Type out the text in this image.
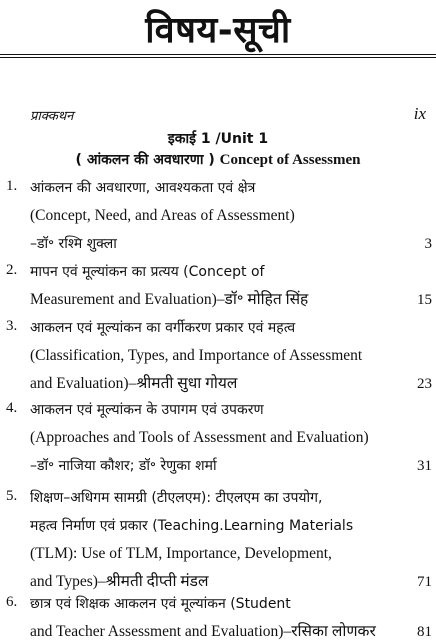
विषय-सूची
प्राक्कथन	ix
इकाई 1 /Unit 1
( आंकलन की अवधारणा ) Concept of Assessmen
1. आंकलन की अवधारणा, आवश्यकता एवं क्षेत्र
(Concept, Need, and Areas of Assessment)
–डॉ॰ रश्मि शुक्ला	3
2. मापन एवं मूल्यांकन का प्रत्यय (Concept of
Measurement and Evaluation)–डॉ॰ मोहित सिंह	15
3. आकलन एवं मूल्यांकन का वर्गीकरण प्रकार एवं महत्व
(Classification, Types, and Importance of Assessment
and Evaluation)–श्रीमती सुधा गोयल	23
4. आकलन एवं मूल्यांकन के उपागम एवं उपकरण
(Approaches and Tools of Assessment and Evaluation)
–डॉ॰ नाजिया कौशर; डॉ॰ रेणुका शर्मा	31
5. शिक्षण–अधिगम सामग्री (टीएलएम): टीएलएम का उपयोग,
महत्व निर्माण एवं प्रकार (Teaching.Learning Materials
(TLM): Use of TLM, Importance, Development,
and Types)–श्रीमती दीप्ती मंडल	71
6. छात्र एवं शिक्षक आकलन एवं मूल्यांकन (Student
and Teacher Assessment and Evaluation)–रसिका लोणकर	81
